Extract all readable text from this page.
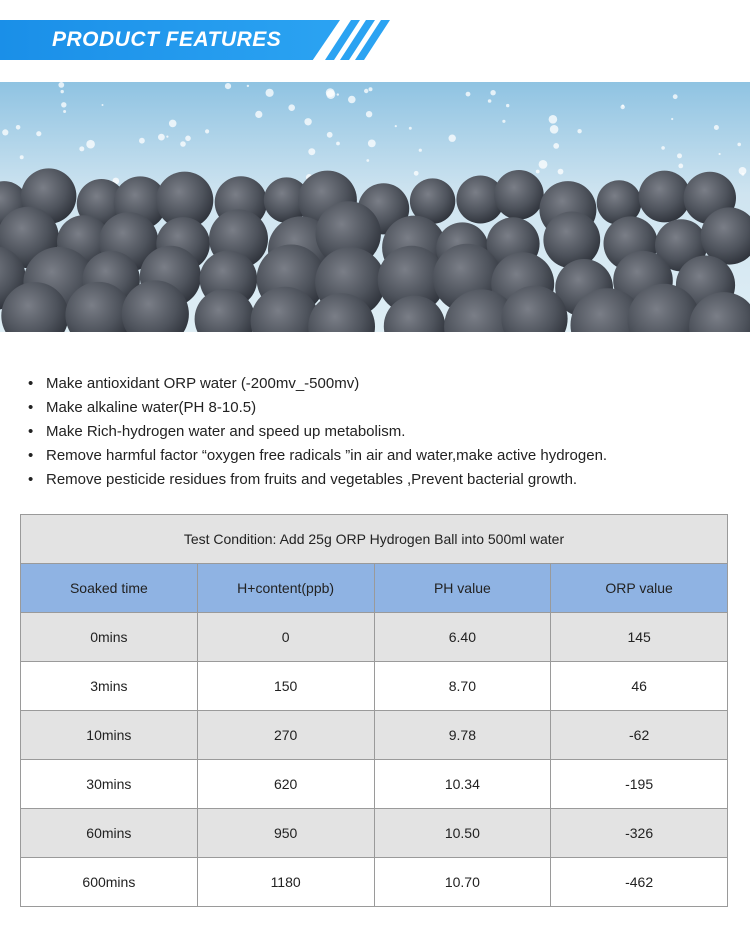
PRODUCT FEATURES
• Make antioxidant ORP water (-200mv_-500mv)
• Make alkaline water(PH 8-10.5)
• Make Rich-hydrogen water and speed up metabolism.
• Remove harmful factor “oxygen free radicals ”in air and water,make active hydrogen.
• Remove pesticide residues from fruits and vegetables ,Prevent bacterial growth.
Test Condition: Add 25g ORP Hydrogen Ball into 500ml water			
Soaked time	H+content(ppb)	PH value	ORP value
0mins	0	6.40	145
3mins	150	8.70	46
10mins	270	9.78	-62
30mins	620	10.34	-195
60mins	950	10.50	-326
600mins	1180	10.70	-462
